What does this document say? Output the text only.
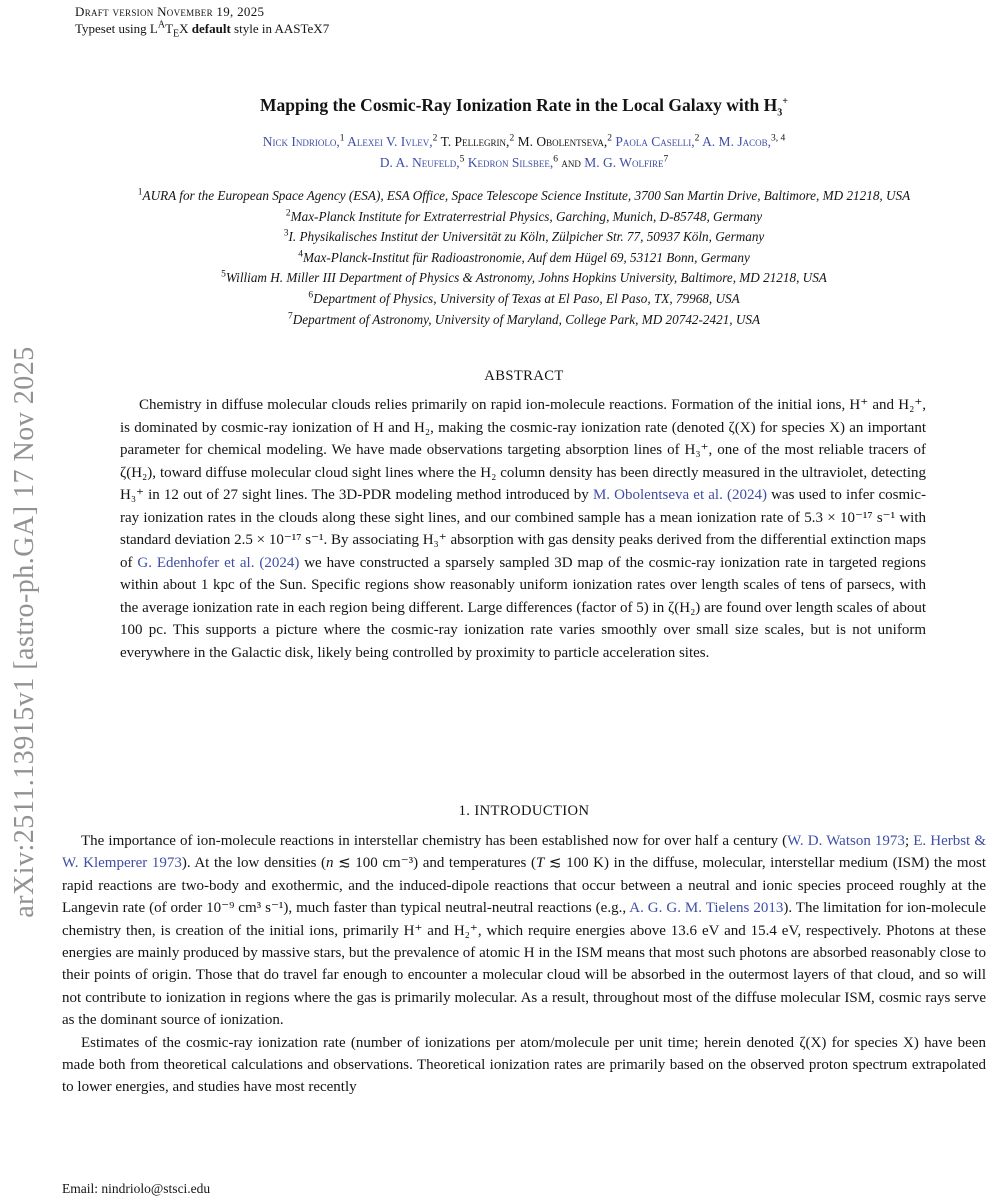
arXiv:2511.13915v1 [astro-ph.GA] 17 Nov 2025
Draft version November 19, 2025
Typeset using $L^AT_EX$ default style in AASTeX7
Mapping the Cosmic-Ray Ionization Rate in the Local Galaxy with $H_3^+$
Nick Indriolo,$^1$ Alexei V. Ivlev,$^2$ T. Pellegrin,$^2$ M. Obolentseva,$^2$ Paola Caselli,$^2$ A. M. Jacob,$^{3, 4}$
D. A. Neufeld,$^5$ Kedron Silsbee,$^6$ and M. G. Wolfire$^7$
$^1$AURA for the European Space Agency (ESA), ESA Office, Space Telescope Science Institute, 3700 San Martin Drive, Baltimore, MD 21218, USA
$^2$Max-Planck Institute for Extraterrestrial Physics, Garching, Munich, D-85748, Germany
$^3$I. Physikalisches Institut der Universität zu Köln, Zülpicher Str. 77, 50937 Köln, Germany
$^4$Max-Planck-Institut für Radioastronomie, Auf dem Hügel 69, 53121 Bonn, Germany
$^5$William H. Miller III Department of Physics & Astronomy, Johns Hopkins University, Baltimore, MD 21218, USA
$^6$Department of Physics, University of Texas at El Paso, El Paso, TX, 79968, USA
$^7$Department of Astronomy, University of Maryland, College Park, MD 20742-2421, USA
ABSTRACT
Chemistry in diffuse molecular clouds relies primarily on rapid ion-molecule reactions. Formation of the initial ions, H⁺ and H₂⁺, is dominated by cosmic-ray ionization of H and H₂, making the cosmic-ray ionization rate (denoted ζ(X) for species X) an important parameter for chemical modeling. We have made observations targeting absorption lines of H₃⁺, one of the most reliable tracers of ζ(H₂), toward diffuse molecular cloud sight lines where the H₂ column density has been directly measured in the ultraviolet, detecting H₃⁺ in 12 out of 27 sight lines. The 3D-PDR modeling method introduced by M. Obolentseva et al. (2024) was used to infer cosmic-ray ionization rates in the clouds along these sight lines, and our combined sample has a mean ionization rate of 5.3 × 10⁻¹⁷ s⁻¹ with standard deviation 2.5 × 10⁻¹⁷ s⁻¹. By associating H₃⁺ absorption with gas density peaks derived from the differential extinction maps of G. Edenhofer et al. (2024) we have constructed a sparsely sampled 3D map of the cosmic-ray ionization rate in targeted regions within about 1 kpc of the Sun. Specific regions show reasonably uniform ionization rates over length scales of tens of parsecs, with the average ionization rate in each region being different. Large differences (factor of 5) in ζ(H₂) are found over length scales of about 100 pc. This supports a picture where the cosmic-ray ionization rate varies smoothly over small size scales, but is not uniform everywhere in the Galactic disk, likely being controlled by proximity to particle acceleration sites.
1. INTRODUCTION

The importance of ion-molecule reactions in interstellar chemistry has been established now for over half a century (W. D. Watson 1973; E. Herbst & W. Klemperer 1973). At the low densities (n ≲ 100 cm⁻³) and temperatures (T ≲ 100 K) in the diffuse, molecular, interstellar medium (ISM) the most rapid reactions are two-body and exothermic, and the induced-dipole reactions that occur between a neutral and ionic species proceed roughly at the Langevin rate (of order 10⁻⁹ cm³ s⁻¹), much faster than typical neutral-neutral reactions (e.g., A. G. G. M. Tielens 2013). The limitation for ion-molecule chemistry then, is creation of the initial ions, primarily H⁺ and H₂⁺, which require energies above 13.6 eV and 15.4 eV, respectively. Photons at these energies are mainly produced by massive stars, but the prevalence of atomic H in the ISM means that most such photons are absorbed reasonably close to their points of origin. Those that do travel far enough to encounter a molecular cloud will be absorbed in the outermost layers of that cloud, and so will not contribute to ionization in regions where the gas is primarily molecular. As a result, throughout most of the diffuse molecular ISM, cosmic rays serve as the dominant source of ionization.

Estimates of the cosmic-ray ionization rate (number of ionizations per atom/molecule per unit time; herein denoted ζ(X) for species X) have been made both from theoretical calculations and observations. Theoretical ionization rates are primarily based on the observed proton spectrum extrapolated to lower energies, and studies have most recently

Email: nindriolo@stsci.edu
